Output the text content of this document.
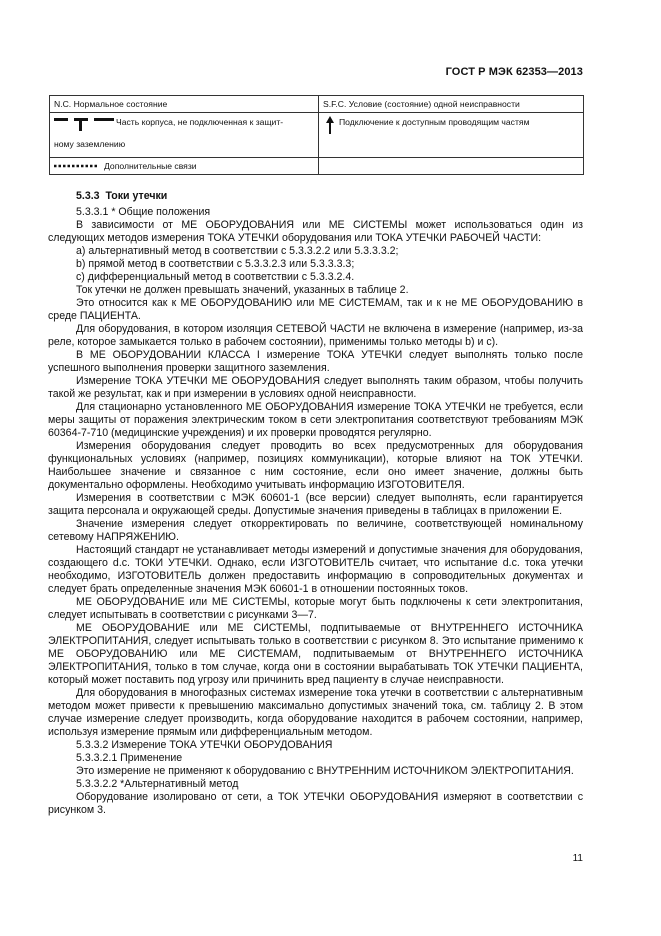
ГОСТ Р МЭК 62353—2013
N.C. Нормальное состояние	S.F.C. Условие (состояние) одной неисправности

Часть корпуса, не подключенная к защит-
ному заземлению	Подключение к доступным проводящим частям

Дополнительные связи	

5.3.3 Токи утечки

5.3.3.1 * Общие положения

В зависимости от МЕ ОБОРУДОВАНИЯ или МЕ СИСТЕМЫ может использоваться один из следующих методов измерения ТОКА УТЕЧКИ оборудования или ТОКА УТЕЧКИ РАБОЧЕЙ ЧАСТИ:

a) альтернативный метод в соответствии с 5.3.3.2.2 или 5.3.3.3.2;

b) прямой метод в соответствии с 5.3.3.2.3 или 5.3.3.3.3;

c) дифференциальный метод в соответствии с 5.3.3.2.4.

Ток утечки не должен превышать значений, указанных в таблице 2.

Это относится как к МЕ ОБОРУДОВАНИЮ или МЕ СИСТЕМАМ, так и к не МЕ ОБОРУДОВАНИЮ в среде ПАЦИЕНТА.

Для оборудования, в котором изоляция СЕТЕВОЙ ЧАСТИ не включена в измерение (например, из-за реле, которое замыкается только в рабочем состоянии), применимы только методы b) и c).

В МЕ ОБОРУДОВАНИИ КЛАССА I измерение ТОКА УТЕЧКИ следует выполнять только после успешного выполнения проверки защитного заземления.

Измерение ТОКА УТЕЧКИ МЕ ОБОРУДОВАНИЯ следует выполнять таким образом, чтобы получить такой же результат, как и при измерении в условиях одной неисправности.

Для стационарно установленного МЕ ОБОРУДОВАНИЯ измерение ТОКА УТЕЧКИ не требуется, если меры защиты от поражения электрическим током в сети электропитания соответствуют требованиям МЭК 60364-7-710 (медицинские учреждения) и их проверки проводятся регулярно.

Измерения оборудования следует проводить во всех предусмотренных для оборудования функциональных условиях (например, позициях коммуникации), которые влияют на ТОК УТЕЧКИ. Наибольшее значение и связанное с ним состояние, если оно имеет значение, должны быть документально оформлены. Необходимо учитывать информацию ИЗГОТОВИТЕЛЯ.

Измерения в соответствии с МЭК 60601-1 (все версии) следует выполнять, если гарантируется защита персонала и окружающей среды. Допустимые значения приведены в таблицах в приложении Е.

Значение измерения следует откорректировать по величине, соответствующей номинальному сетевому НАПРЯЖЕНИЮ.

Настоящий стандарт не устанавливает методы измерений и допустимые значения для оборудования, создающего d.c. ТОКИ УТЕЧКИ. Однако, если ИЗГОТОВИТЕЛЬ считает, что испытание d.c. тока утечки необходимо, ИЗГОТОВИТЕЛЬ должен предоставить информацию в сопроводительных документах и следует брать определенные значения МЭК 60601-1 в отношении постоянных токов.

МЕ ОБОРУДОВАНИЕ или МЕ СИСТЕМЫ, которые могут быть подключены к сети электропитания, следует испытывать в соответствии с рисунками 3—7.

МЕ ОБОРУДОВАНИЕ или МЕ СИСТЕМЫ, подпитываемые от ВНУТРЕННЕГО ИСТОЧНИКА ЭЛЕКТРОПИТАНИЯ, следует испытывать только в соответствии с рисунком 8. Это испытание применимо к МЕ ОБОРУДОВАНИЮ или МЕ СИСТЕМАМ, подпитываемым от ВНУТРЕННЕГО ИСТОЧНИКА ЭЛЕКТРОПИТАНИЯ, только в том случае, когда они в состоянии вырабатывать ТОК УТЕЧКИ ПАЦИЕНТА, который может поставить под угрозу или причинить вред пациенту в случае неисправности.

Для оборудования в многофазных системах измерение тока утечки в соответствии с альтернативным методом может привести к превышению максимально допустимых значений тока, см. таблицу 2. В этом случае измерение следует производить, когда оборудование находится в рабочем состоянии, например, используя измерение прямым или дифференциальным методом.

5.3.3.2 Измерение ТОКА УТЕЧКИ ОБОРУДОВАНИЯ

5.3.3.2.1 Применение

Это измерение не применяют к оборудованию с ВНУТРЕННИМ ИСТОЧНИКОМ ЭЛЕКТРОПИТАНИЯ.

5.3.3.2.2 *Альтернативный метод

Оборудование изолировано от сети, а ТОК УТЕЧКИ ОБОРУДОВАНИЯ измеряют в соответствии с рисунком 3.

11
